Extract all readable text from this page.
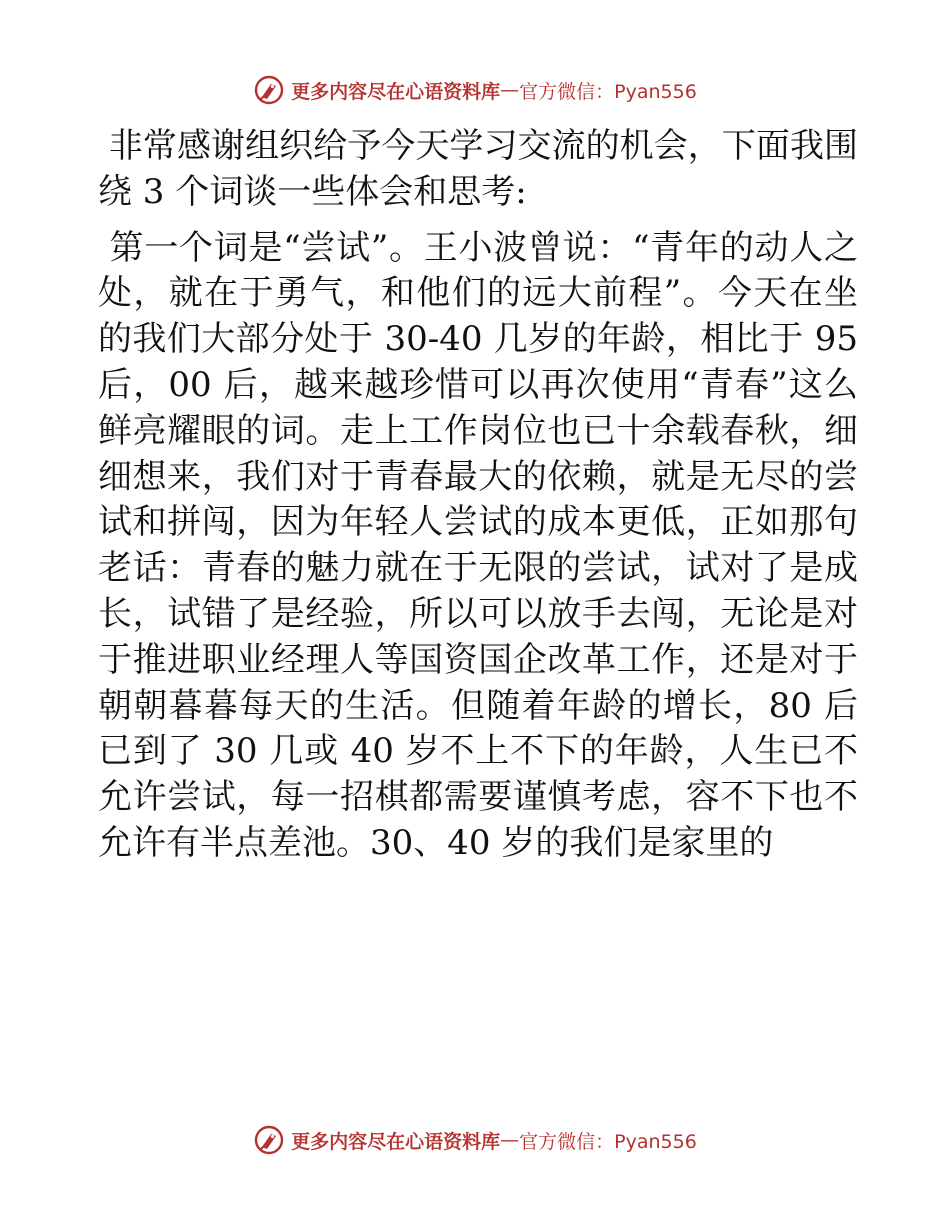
更多内容尽在心语资料库 — 官方微信：Pyan556

非常感谢组织给予今天学习交流的机会，下面我围绕 3 个词谈一些体会和思考:

第一个词是“尝试”。王小波曾说：“青年的动人之处，就在于勇气，和他们的远大前程”。今天在坐的我们大部分处于 30-40 几岁的年龄，相比于 95 后，00 后，越来越珍惜可以再次使用“青春”这么鲜亮耀眼的词。走上工作岗位也已十余载春秋，细细想来，我们对于青春最大的依赖，就是无尽的尝试和拼闯，因为年轻人尝试的成本更低，正如那句老话：青春的魅力就在于无限的尝试，试对了是成长，试错了是经验，所以可以放手去闯，无论是对于推进职业经理人等国资国企改革工作，还是对于朝朝暮暮每天的生活。但随着年龄的增长，80 后已到了 30 几或 40 岁不上不下的年龄，人生已不允许尝试，每一招棋都需要谨慎考虑，容不下也不允许有半点差池。30、40 岁的我们是家里的

更多内容尽在心语资料库 — 官方微信：Pyan556
